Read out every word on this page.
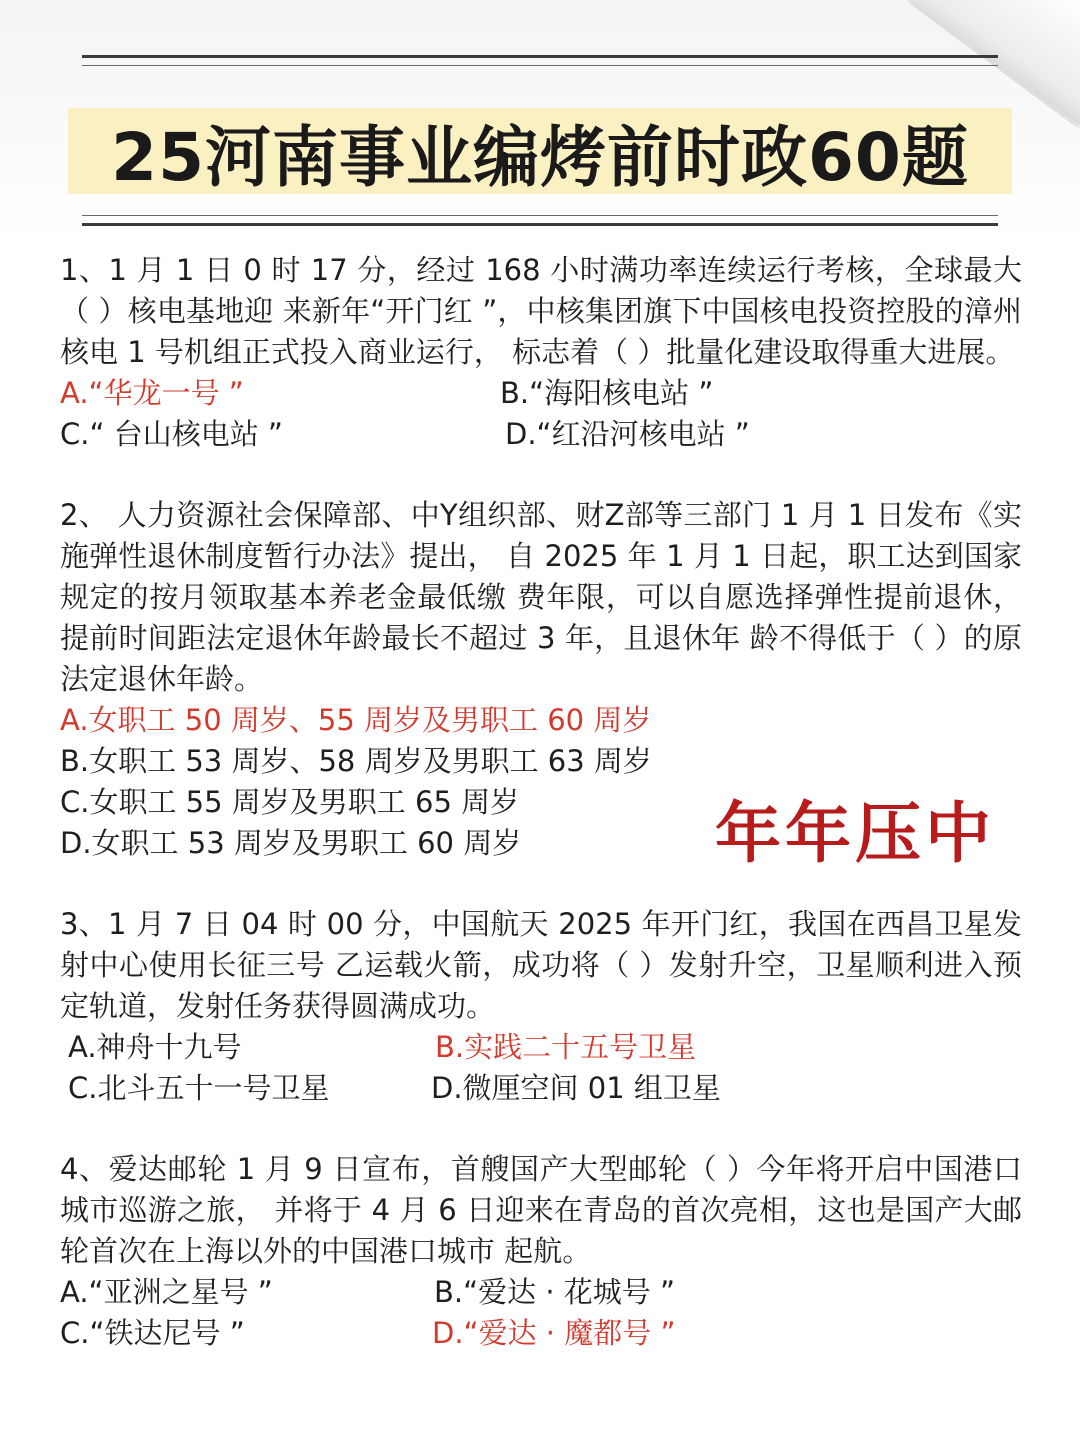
25河南事业编烤前时政60题

1、1 月 1 日 0 时 17 分，经过 168 小时满功率连续运行考核，全球最大（ ）核电基地迎 来新年“开门红 ”，中核集团旗下中国核电投资控股的漳州核电 1 号机组正式投入商业运行， 标志着（ ）批量化建设取得重大进展。

A.“华龙一号 ”	B.“海阳核电站 ”
C.“ 台山核电站 ”	D.“红沿河核电站 ”

2、 人力资源社会保障部、中Y组织部、财Z部等三部门 1 月 1 日发布《实施弹性退休制度暂行办法》提出， 自 2025 年 1 月 1 日起，职工达到国家规定的按月领取基本养老金最低缴 费年限，可以自愿选择弹性提前退休，提前时间距法定退休年龄最长不超过 3 年，且退休年 龄不得低于（ ）的原法定退休年龄。

A.女职工 50 周岁、55 周岁及男职工 60 周岁
B.女职工 53 周岁、58 周岁及男职工 63 周岁
C.女职工 55 周岁及男职工 65 周岁
D.女职工 53 周岁及男职工 60 周岁

3、1 月 7 日 04 时 00 分，中国航天 2025 年开门红，我国在西昌卫星发射中心使用长征三号 乙运载火箭，成功将（ ）发射升空，卫星顺利进入预定轨道，发射任务获得圆满成功。

A.神舟十九号	B.实践二十五号卫星
C.北斗五十一号卫星	D.微厘空间 01 组卫星

4、爱达邮轮 1 月 9 日宣布，首艘国产大型邮轮（ ）今年将开启中国港口城市巡游之旅， 并将于 4 月 6 日迎来在青岛的首次亮相，这也是国产大邮轮首次在上海以外的中国港口城市 起航。

A.“亚洲之星号 ”	B.“爱达 · 花城号 ”
C.“铁达尼号 ”	D.“爱达 · 魔都号 ”
年年压中
